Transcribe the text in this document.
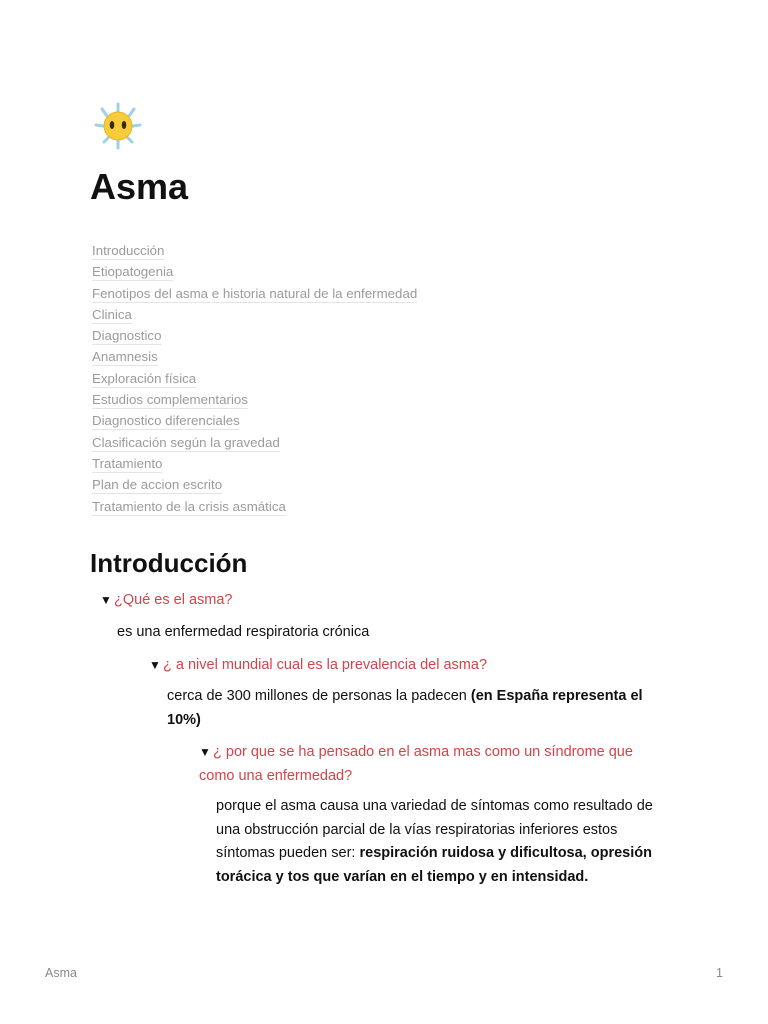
Asma
Introducción
Etiopatogenia
Fenotipos del asma e historia natural de la enfermedad
Clinica
Diagnostico
Anamnesis
Exploración física
Estudios complementarios
Diagnostico diferenciales
Clasificación según la gravedad
Tratamiento
Plan de accion escrito
Tratamiento de la crisis asmática
Introducción
▼ ¿Qué es el asma?
es una enfermedad respiratoria crónica
▼ ¿ a nivel mundial cual es la prevalencia del asma?
cerca de 300 millones de personas la padecen (en España representa el 10%)
▼ ¿ por que se ha pensado en el asma mas como un síndrome que como una enfermedad?
porque el asma causa una variedad de síntomas como resultado de una obstrucción parcial de la vías respiratorias inferiores estos síntomas pueden ser: respiración ruidosa y dificultosa, opresión torácica y tos que varían en el tiempo y en intensidad.
Asma	1
